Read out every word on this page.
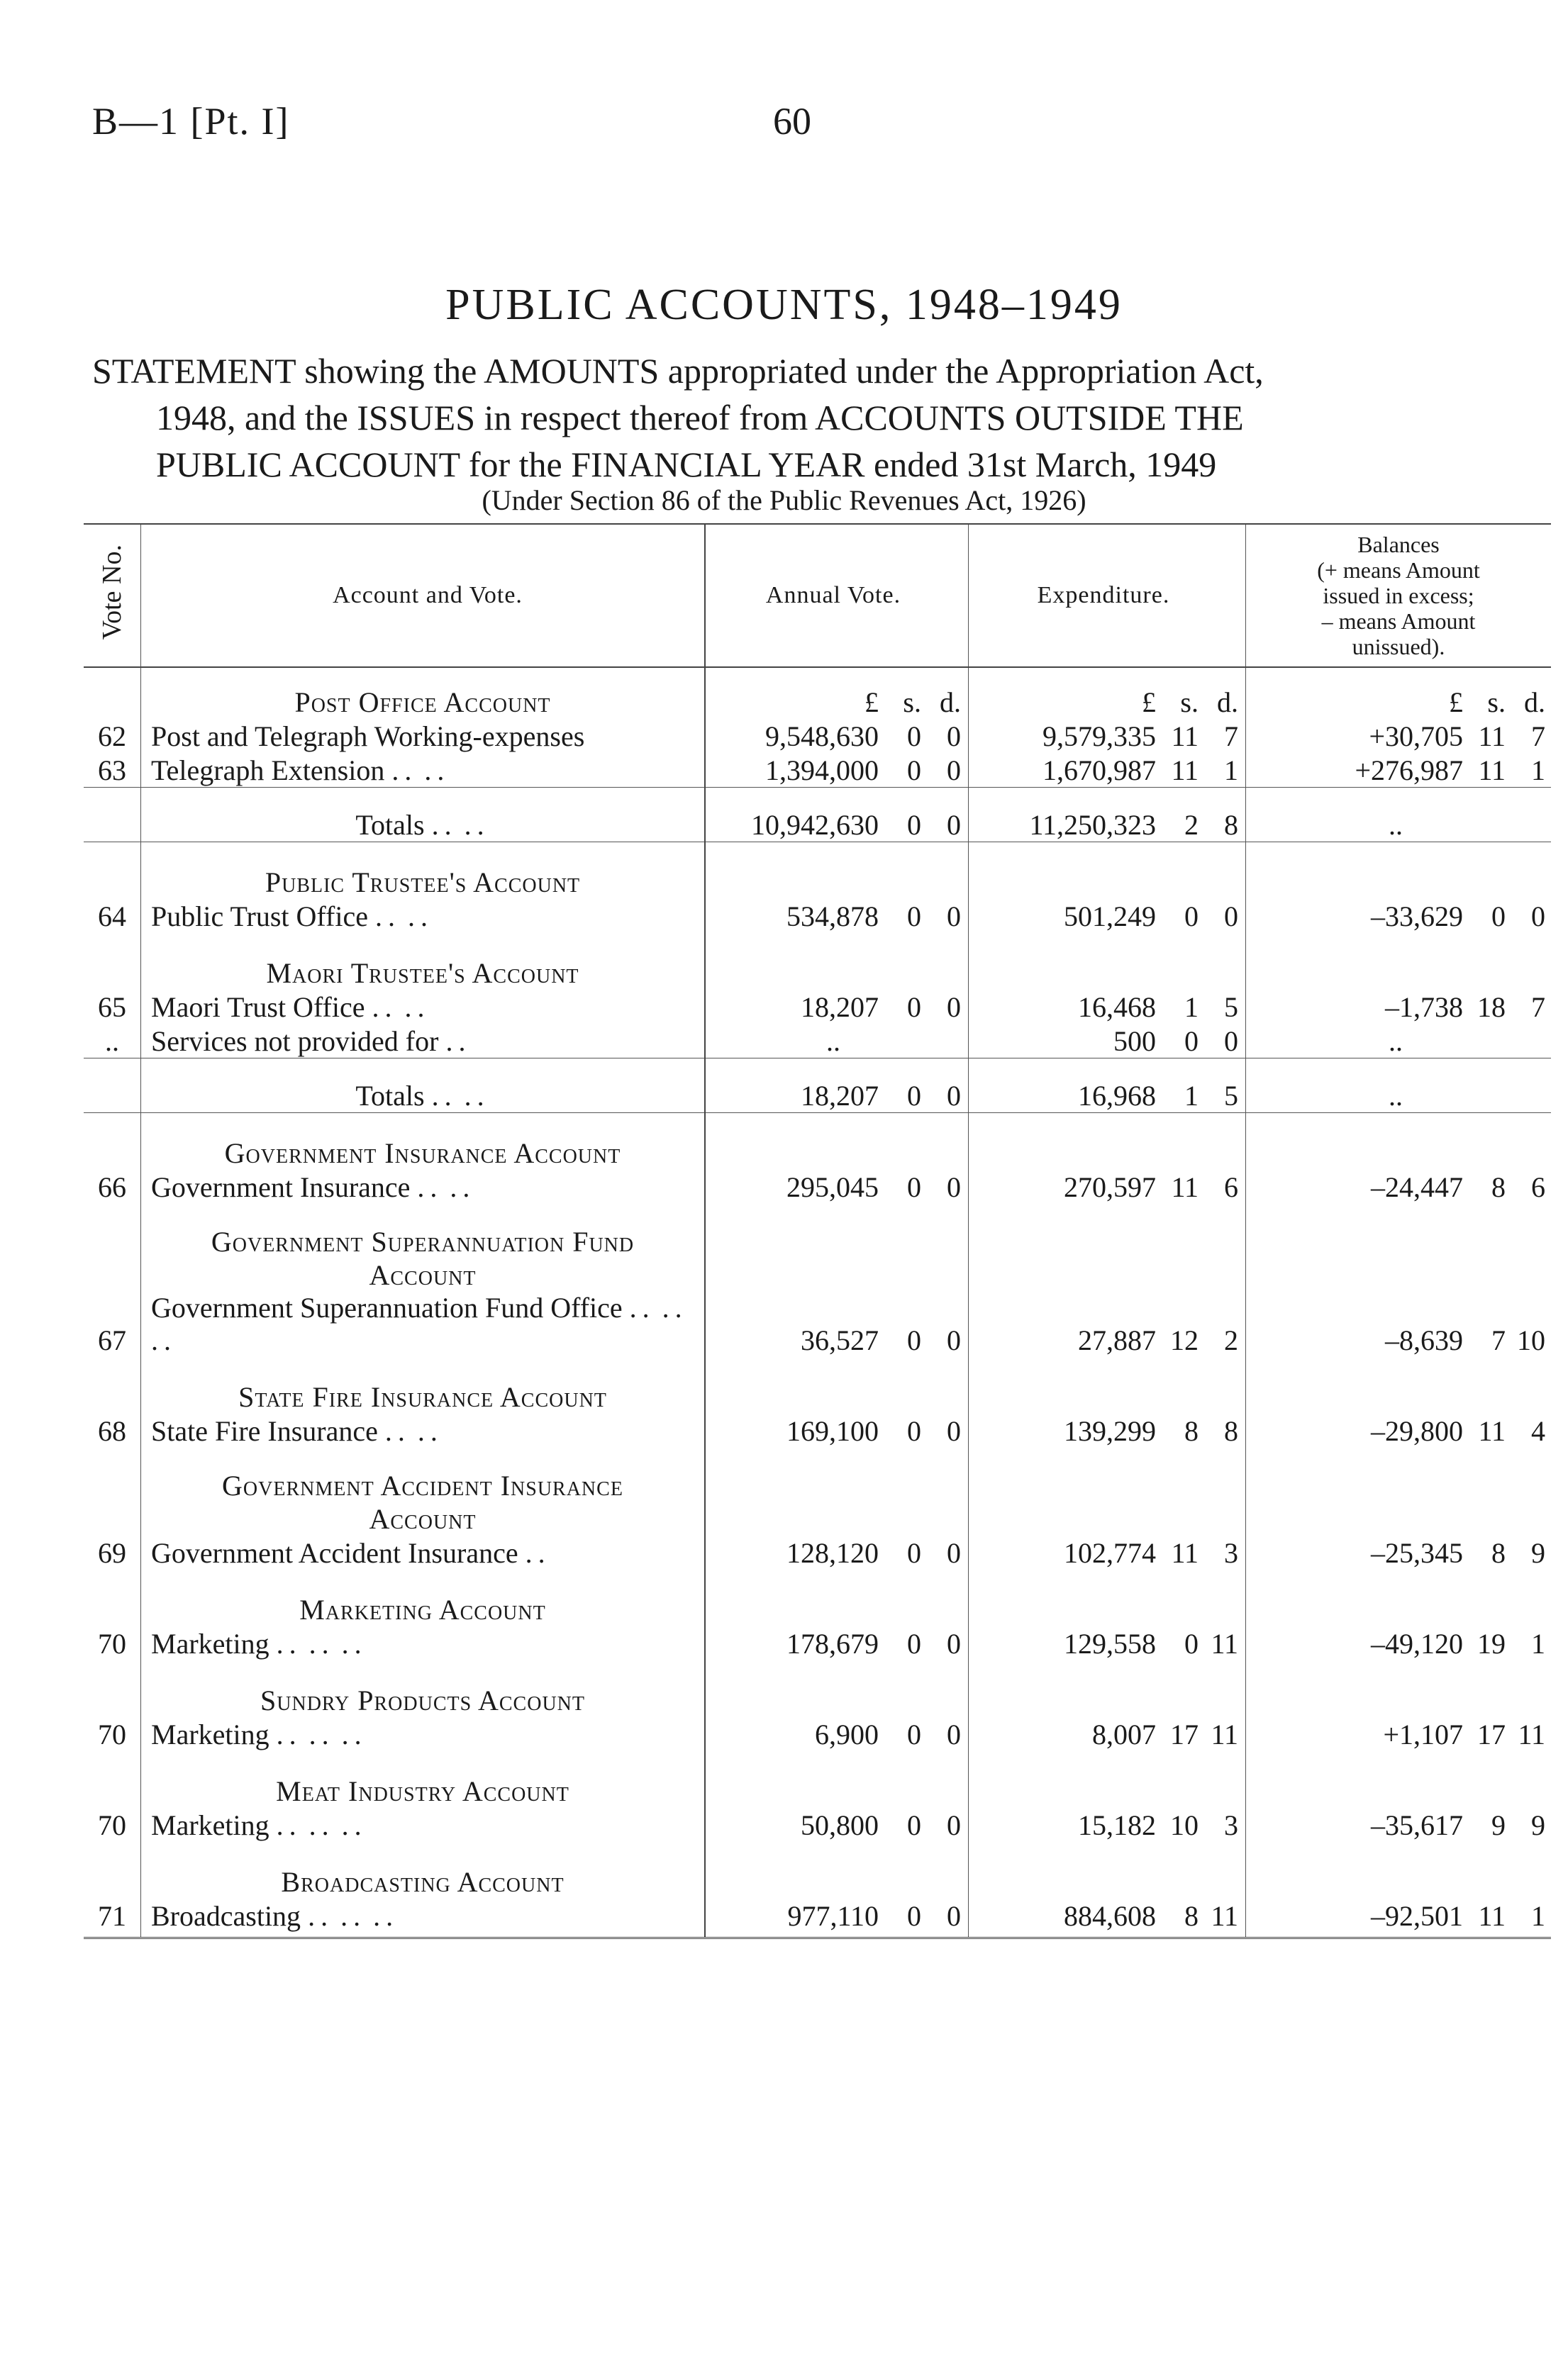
B—1 [Pt. I]	60
PUBLIC ACCOUNTS, 1948–1949
STATEMENT showing the AMOUNTS appropriated under the Appropriation Act,
1948, and the ISSUES in respect thereof from ACCOUNTS OUTSIDE THE
PUBLIC ACCOUNT for the FINANCIAL YEAR ended 31st March, 1949
(Under Section 86 of the Public Revenues Act, 1926)
Vote No.	Account and Vote.	Annual Vote.	Expenditure.	Balances
(+ means Amount
issued in excess;
– means Amount
unissued).

	Post Office Account	£ s. d.	£ s. d.	£ s. d.
62	Post and Telegraph Working-expenses	9,548,630 0 0	9,579,335 11 7	+30,705 11 7
63	Telegraph Extension .. ..	1,394,000 0 0	1,670,987 11 1	+276,987 11 1
	Totals .. ..	10,942,630 0 0	11,250,323 2 8	..

	Public Trustee's Account			
64	Public Trust Office .. ..	534,878 0 0	501,249 0 0	–33,629 0 0

	Maori Trustee's Account			
65	Maori Trust Office .. ..	18,207 0 0	16,468 1 5	–1,738 18 7
..	Services not provided for ..	..	500 0 0	..
	Totals .. ..	18,207 0 0	16,968 1 5	..

	Government Insurance Account			
66	Government Insurance .. ..	295,045 0 0	270,597 11 6	–24,447 8 6

	Government Superannuation Fund
Account			

67	Government Superannuation Fund Office .. .. ..	36,527 0 0	27,887 12 2	–8,639 7 10

	State Fire Insurance Account			
68	State Fire Insurance .. ..	169,100 0 0	139,299 8 8	–29,800 11 4

	Government Accident Insurance
Account			

69	Government Accident Insurance ..	128,120 0 0	102,774 11 3	–25,345 8 9

	Marketing Account			
70	Marketing .. .. ..	178,679 0 0	129,558 0 11	–49,120 19 1

	Sundry Products Account			
70	Marketing .. .. ..	6,900 0 0	8,007 17 11	+1,107 17 11

	Meat Industry Account			
70	Marketing .. .. ..	50,800 0 0	15,182 10 3	–35,617 9 9

	Broadcasting Account			
71	Broadcasting .. .. ..	977,110 0 0	884,608 8 11	–92,501 11 1
